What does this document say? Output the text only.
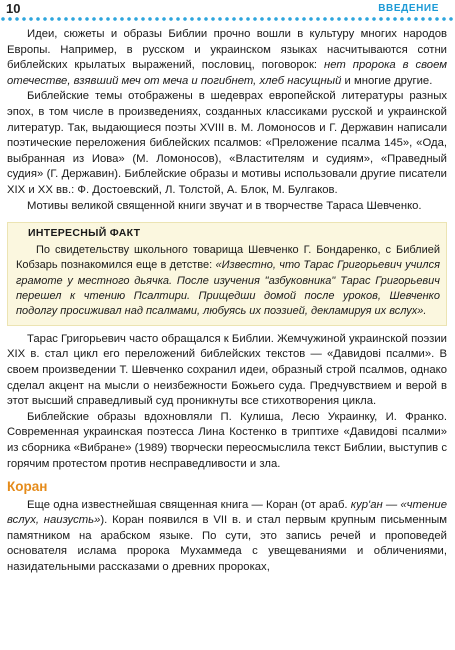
10	ВВЕДЕНИЕ

Идеи, сюжеты и образы Библии прочно вошли в культуру многих народов Европы. Например, в русском и украинском языках насчитываются сотни библейских крылатых выражений, пословиц, поговорок: нет пророка в своем отечестве, взявший меч от меча и погибнет, хлеб насущный и многие другие.

Библейские темы отображены в шедеврах европейской литературы разных эпох, в том числе в произведениях, созданных классиками русской и украинской литератур. Так, выдающиеся поэты XVIII в. М. Ломоносов и Г. Державин написали поэтические переложения библейских псалмов: «Преложение псалма 145», «Ода, выбранная из Иова» (М. Ломоносов), «Властителям и судиям», «Праведный судия» (Г. Державин). Библейские образы и мотивы использовали другие писатели XIX и XX вв.: Ф. Достоевский, Л. Толстой, А. Блок, М. Булгаков.

Мотивы великой священной книги звучат и в творчестве Тараса Шевченко.

ИНТЕРЕСНЫЙ ФАКТ

По свидетельству школьного товарища Шевченко Г. Бондаренко, с Библией Кобзарь познакомился еще в детстве: «Известно, что Тарас Григорьевич учился грамоте у местного дьячка. После изучения "азбуковника" Тарас Григорьевич перешел к чтению Псалтири. Прищедши домой после уроков, Шевченко подолгу просиживал над псалмами, любуясь их поэзией, декламируя их вслух».

Тарас Григорьевич часто обращался к Библии. Жемчужиной украинской поэзии XIX в. стал цикл его переложений библейских текстов — «Давидові псалми». В своем произведении Т. Шевченко сохранил идеи, образный строй псалмов, однако сделал акцент на мысли о неизбежности Божьего суда. Предчувствием и верой в этот высший справедливый суд проникнуты все стихотворения цикла.

Библейские образы вдохновляли П. Кулиша, Лесю Украинку, И. Франко. Современная украинская поэтесса Лина Костенко в триптихе «Давидові псалми» из сборника «Вибране» (1989) творчески переосмыслила текст Библии, выступив с горячим протестом против несправедливости и зла.

Коран

Еще одна известнейшая священная книга — Коран (от араб. кур'ан — «чтение вслух, наизусть»). Коран появился в VII в. и стал первым крупным письменным памятником на арабском языке. По сути, это запись речей и проповедей основателя ислама пророка Мухаммеда с увещеваниями и обличениями, назидательными рассказами о древних пророках,
